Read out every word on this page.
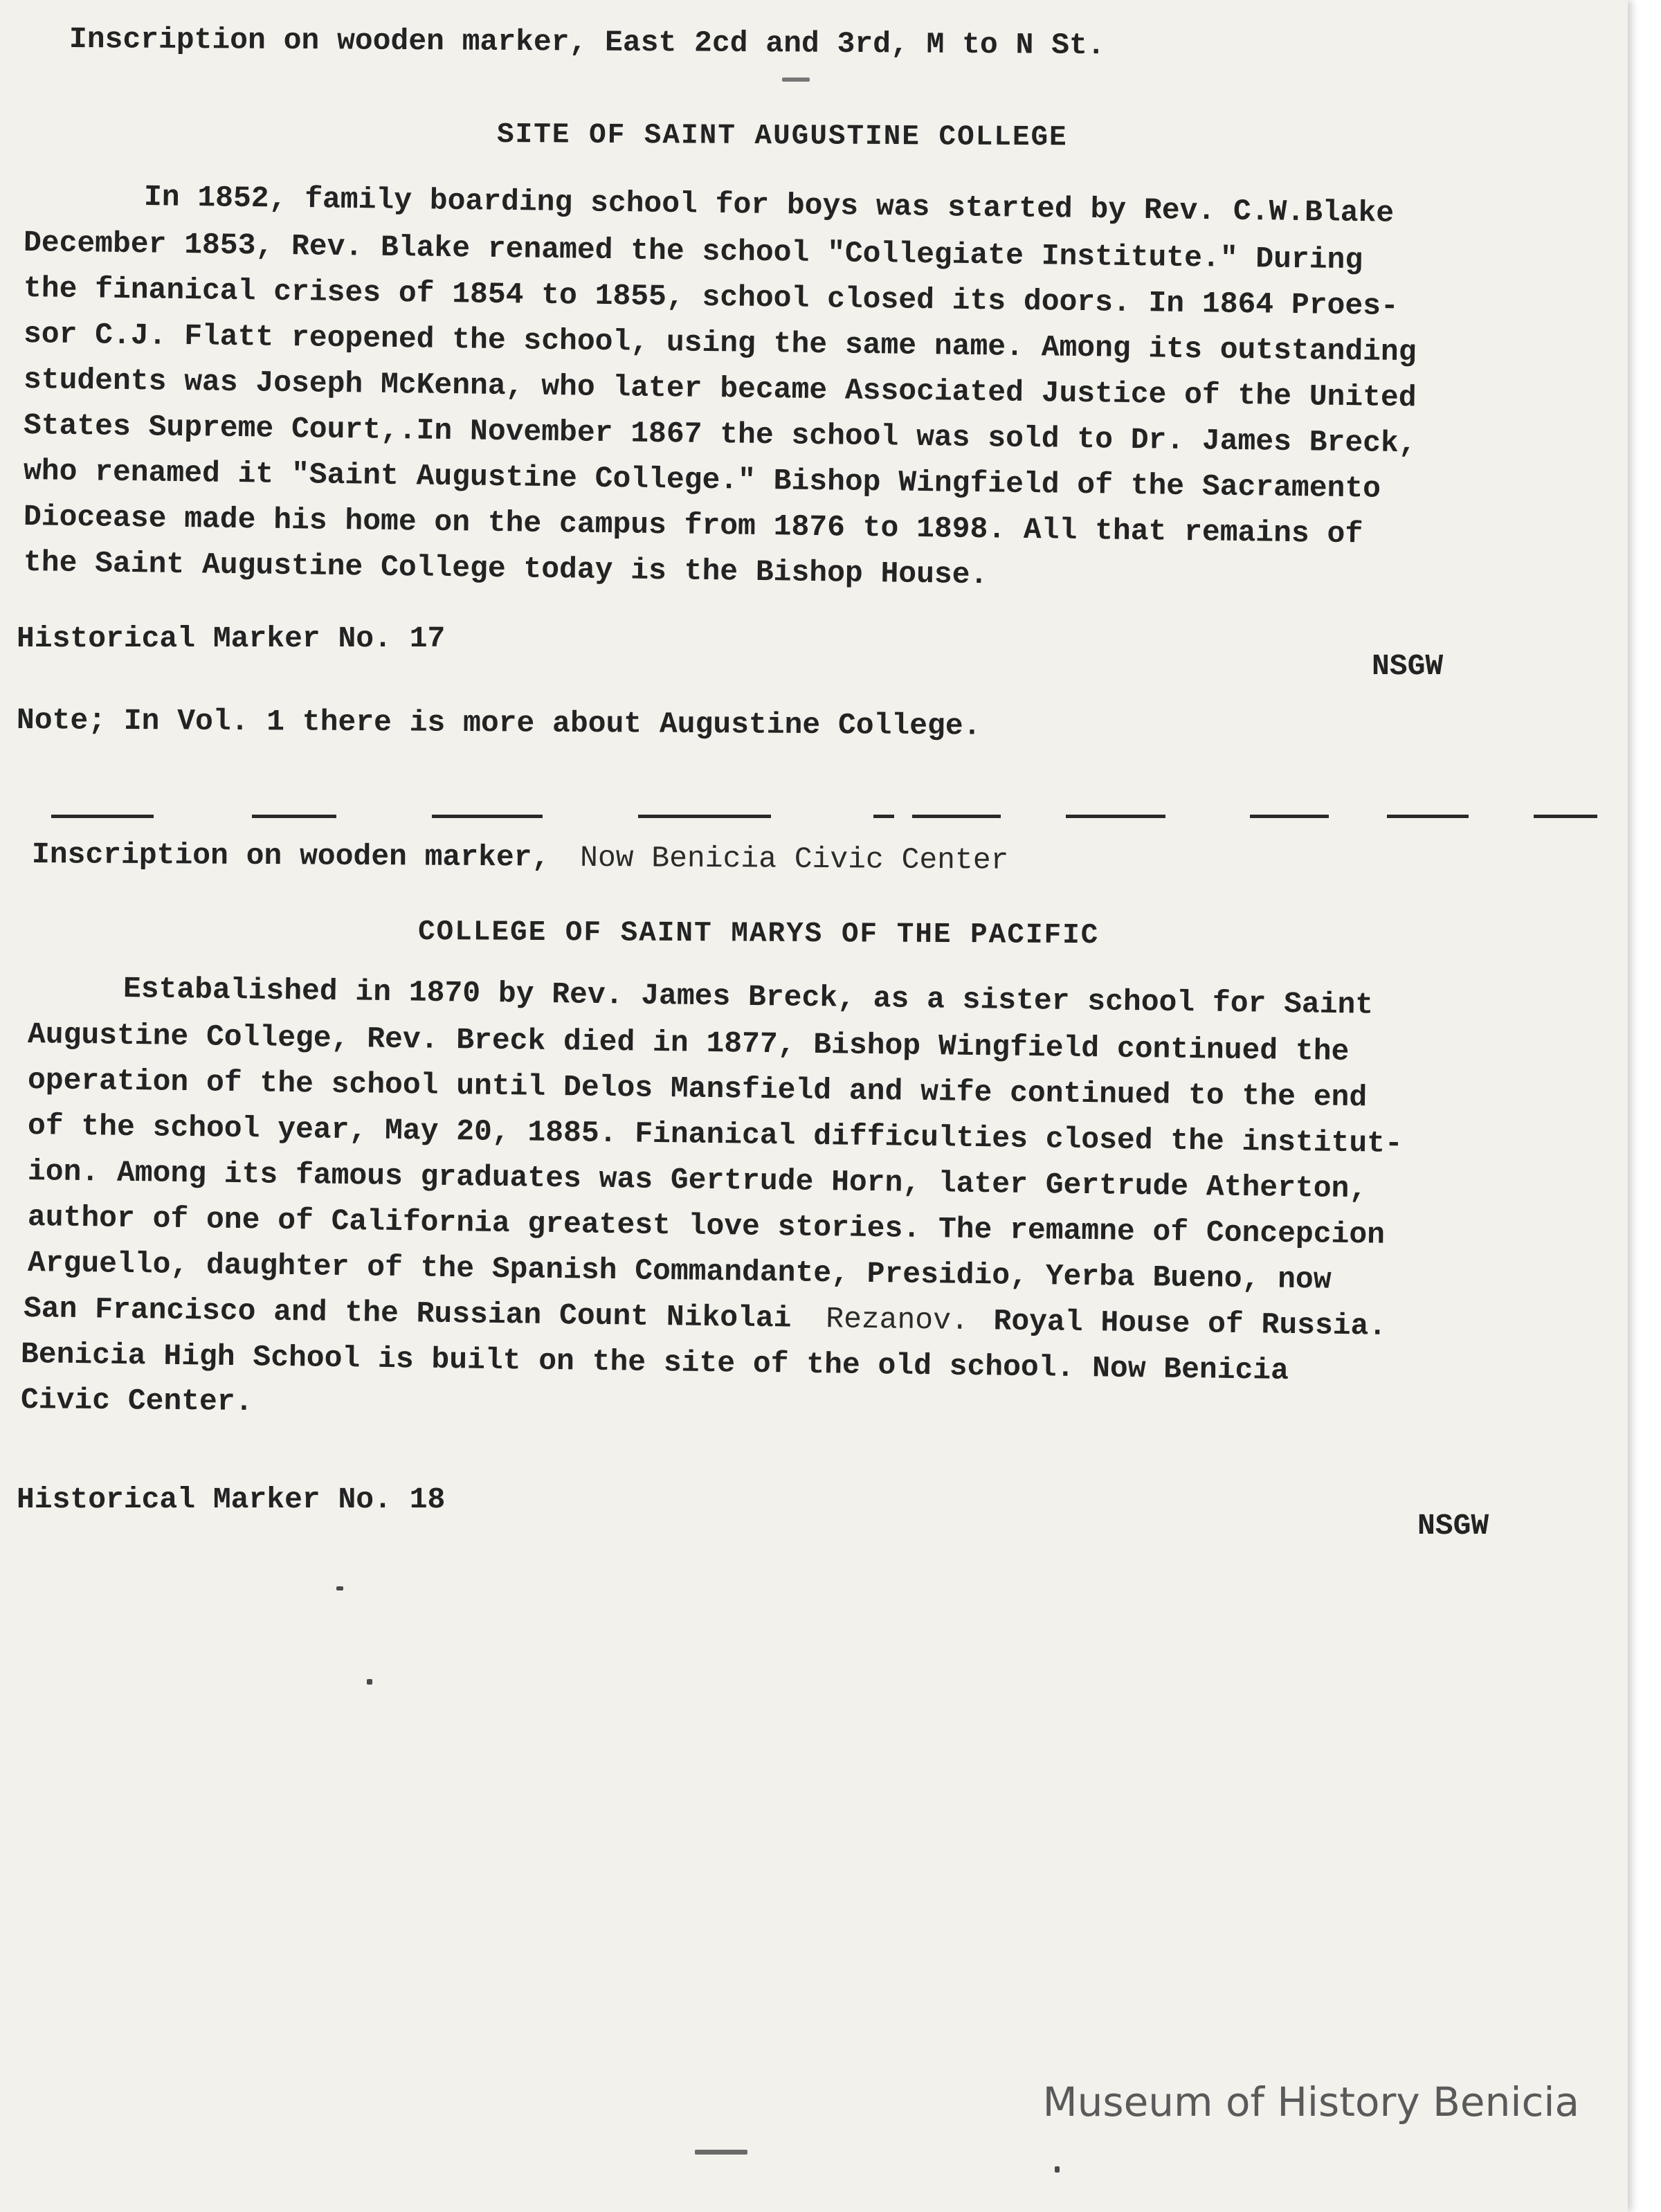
Inscription on wooden marker, East 2cd and 3rd, M to N St.
SITE OF SAINT AUGUSTINE COLLEGE
In 1852, family boarding school for boys was started by Rev. C.W.Blake
December 1853, Rev. Blake renamed the school "Collegiate Institute." During
the finanical crises of 1854 to 1855, school closed its doors. In 1864 Proes-
sor C.J. Flatt reopened the school, using the same name. Among its outstanding
students was Joseph McKenna, who later became Associated Justice of the United
States Supreme Court,.In November 1867 the school was sold to Dr. James Breck,
who renamed it "Saint Augustine College." Bishop Wingfield of the Sacramento
Diocease made his home on the campus from 1876 to 1898. All that remains of
the Saint Augustine College today is the Bishop House.
Historical Marker No. 17
NSGW
Note; In Vol. 1 there is more about Augustine College.
Inscription on wooden marker, Now Benicia Civic Center
COLLEGE OF SAINT MARYS OF THE PACIFIC
Estabalished in 1870 by Rev. James Breck, as a sister school for Saint
Augustine College, Rev. Breck died in 1877, Bishop Wingfield continued the
operation of the school until Delos Mansfield and wife continued to the end
of the school year, May 20, 1885. Finanical difficulties closed the institut-
ion. Among its famous graduates was Gertrude Horn, later Gertrude Atherton,
author of one of California greatest love stories. The remamne of Concepcion
Arguello, daughter of the Spanish Commandante, Presidio, Yerba Bueno, now
San Francisco and the Russian Count Nikolai Rezanov. Royal House of Russia.
Benicia High School is built on the site of the old school. Now Benicia
Civic Center.
Historical Marker No. 18
NSGW
Museum of History Benicia
